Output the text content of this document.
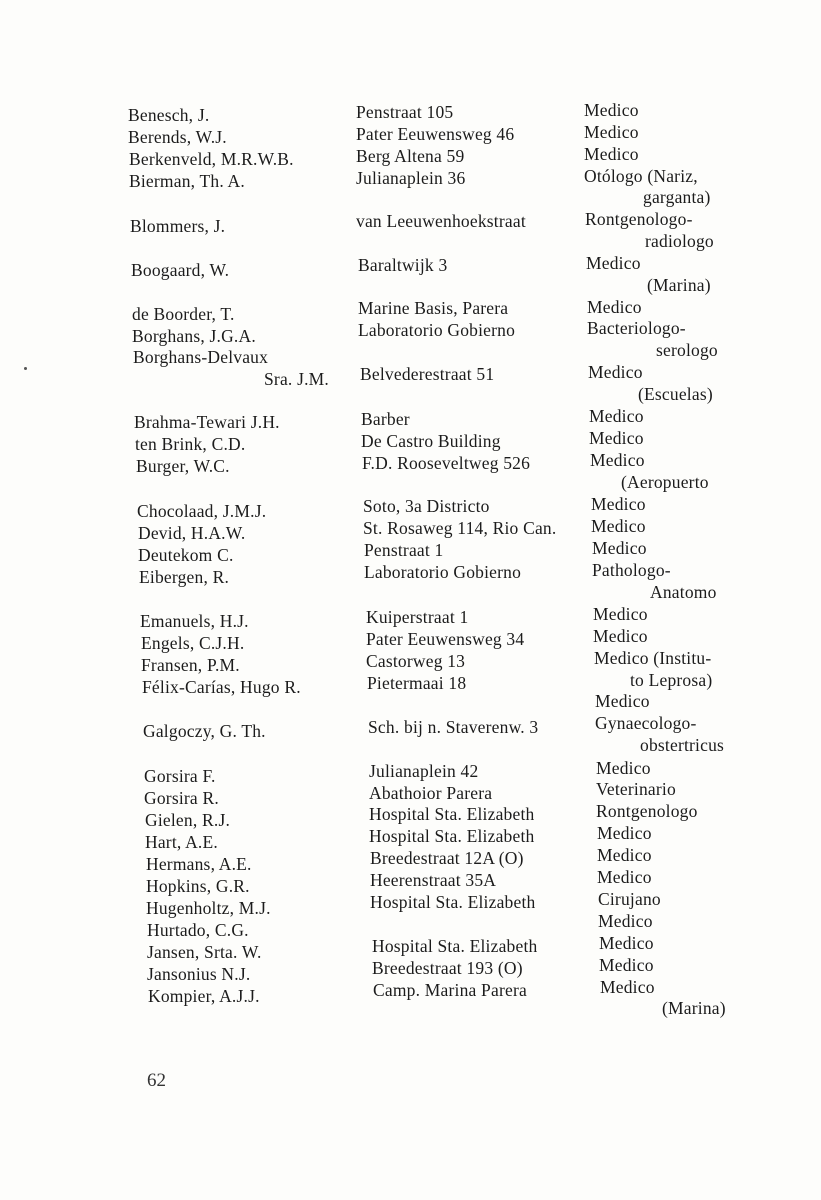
Benesch, J.
Berends, W.J.
Berkenveld, M.R.W.B.
Bierman, Th. A.
Blommers, J.
Boogaard, W.
de Boorder, T.
Borghans, J.G.A.
Borghans-Delvaux
Sra. J.M.
Brahma-Tewari J.H.
ten Brink, C.D.
Burger, W.C.
Chocolaad, J.M.J.
Devid, H.A.W.
Deutekom C.
Eibergen, R.
Emanuels, H.J.
Engels, C.J.H.
Fransen, P.M.
Félix-Carías, Hugo R.
Galgoczy, G. Th.
Gorsira F.
Gorsira R.
Gielen, R.J.
Hart, A.E.
Hermans, A.E.
Hopkins, G.R.
Hugenholtz, M.J.
Hurtado, C.G.
Jansen, Srta. W.
Jansonius N.J.
Kompier, A.J.J.
Penstraat 105
Pater Eeuwensweg 46
Berg Altena 59
Julianaplein 36
van Leeuwenhoekstraat
Baraltwijk 3
Marine Basis, Parera
Laboratorio Gobierno
Belvederestraat 51
Barber
De Castro Building
F.D. Rooseveltweg 526
Soto, 3a Districto
St. Rosaweg 114, Rio Can.
Penstraat 1
Laboratorio Gobierno
Kuiperstraat 1
Pater Eeuwensweg 34
Castorweg 13
Pietermaai 18
Sch. bij n. Staverenw. 3
Julianaplein 42
Abathoior Parera
Hospital Sta. Elizabeth
Hospital Sta. Elizabeth
Breedestraat 12A (O)
Heerenstraat 35A
Hospital Sta. Elizabeth
Hospital Sta. Elizabeth
Breedestraat 193 (O)
Camp. Marina Parera
Medico
Medico
Medico
Otólogo (Nariz,
garganta)
Rontgenologo-
radiologo
Medico
(Marina)
Medico
Bacteriologo-
serologo
Medico
(Escuelas)
Medico
Medico
Medico
(Aeropuerto
Medico
Medico
Medico
Pathologo-
Anatomo
Medico
Medico
Medico (Institu-
to Leprosa)
Medico
Gynaecologo-
obstertricus
Medico
Veterinario
Rontgenologo
Medico
Medico
Medico
Cirujano
Medico
Medico
Medico
Medico
(Marina)
62
